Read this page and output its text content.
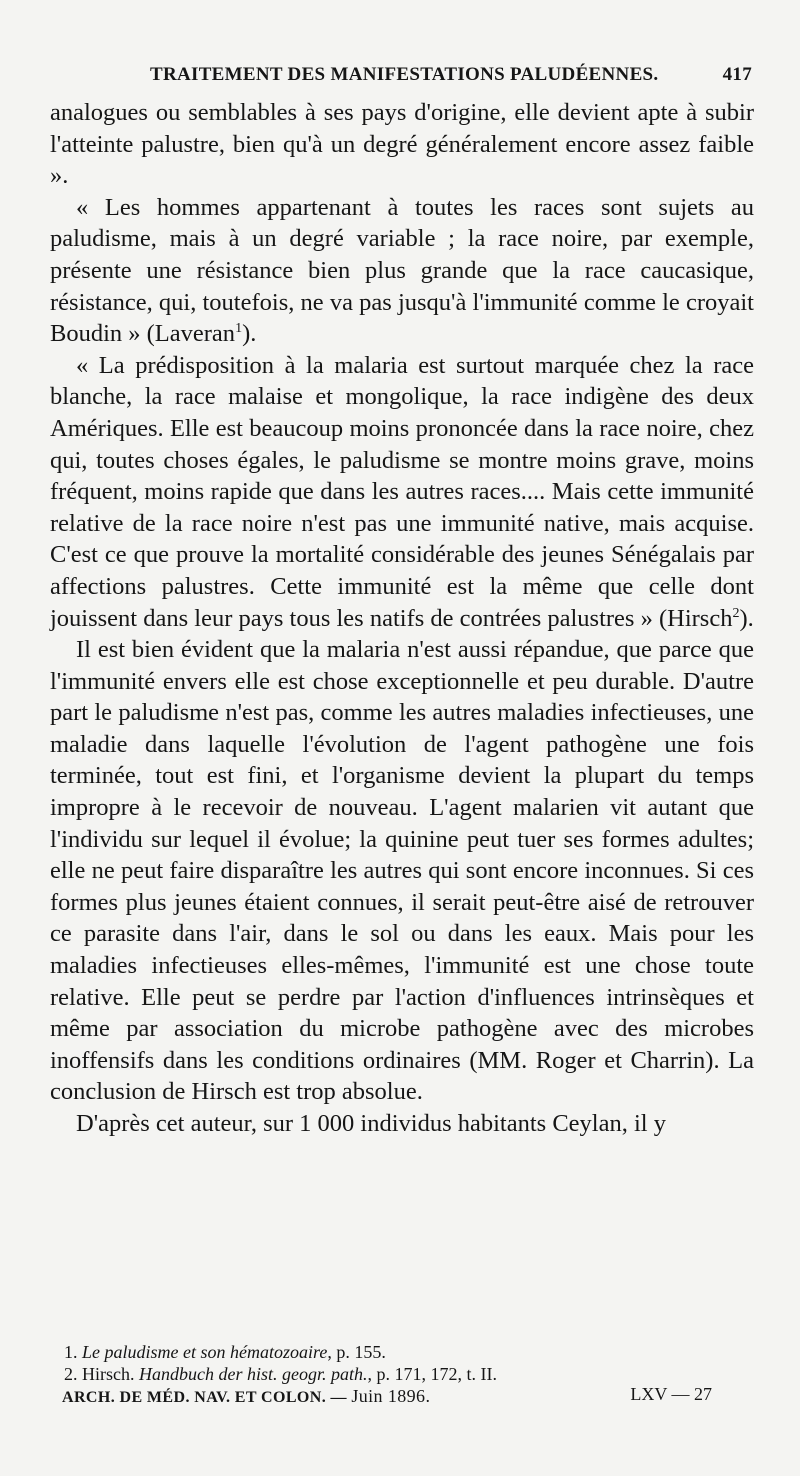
TRAITEMENT DES MANIFESTATIONS PALUDÉENNES.	417

analogues ou semblables à ses pays d'origine, elle devient apte à subir l'atteinte palustre, bien qu'à un degré généralement encore assez faible ».

« Les hommes appartenant à toutes les races sont sujets au paludisme, mais à un degré variable ; la race noire, par exemple, présente une résistance bien plus grande que la race caucasique, résistance, qui, toutefois, ne va pas jusqu'à l'immunité comme le croyait Boudin » (Laveran$^1$).

« La prédisposition à la malaria est surtout marquée chez la race blanche, la race malaise et mongolique, la race indigène des deux Amériques. Elle est beaucoup moins prononcée dans la race noire, chez qui, toutes choses égales, le paludisme se montre moins grave, moins fréquent, moins rapide que dans les autres races.... Mais cette immunité relative de la race noire n'est pas une immunité native, mais acquise. C'est ce que prouve la mortalité considérable des jeunes Sénégalais par affections palustres. Cette immunité est la même que celle dont jouissent dans leur pays tous les natifs de contrées palustres » (Hirsch$^2$).

Il est bien évident que la malaria n'est aussi répandue, que parce que l'immunité envers elle est chose exceptionnelle et peu durable. D'autre part le paludisme n'est pas, comme les autres maladies infectieuses, une maladie dans laquelle l'évolution de l'agent pathogène une fois terminée, tout est fini, et l'organisme devient la plupart du temps impropre à le recevoir de nouveau. L'agent malarien vit autant que l'individu sur lequel il évolue; la quinine peut tuer ses formes adultes; elle ne peut faire disparaître les autres qui sont encore inconnues. Si ces formes plus jeunes étaient connues, il serait peut-être aisé de retrouver ce parasite dans l'air, dans le sol ou dans les eaux. Mais pour les maladies infectieuses elles-mêmes, l'immunité est une chose toute relative. Elle peut se perdre par l'action d'influences intrinsèques et même par association du microbe pathogène avec des microbes inoffensifs dans les conditions ordinaires (MM. Roger et Charrin). La conclusion de Hirsch est trop absolue.

D'après cet auteur, sur 1 000 individus habitants Ceylan, il y

1. Le paludisme et son hématozoaire, p. 155.
2. Hirsch. Handbuch der hist. geogr. path., p. 171, 172, t. II.
ARCH. DE MÉD. NAV. ET COLON. — Juin 1896.	LXV — 27
